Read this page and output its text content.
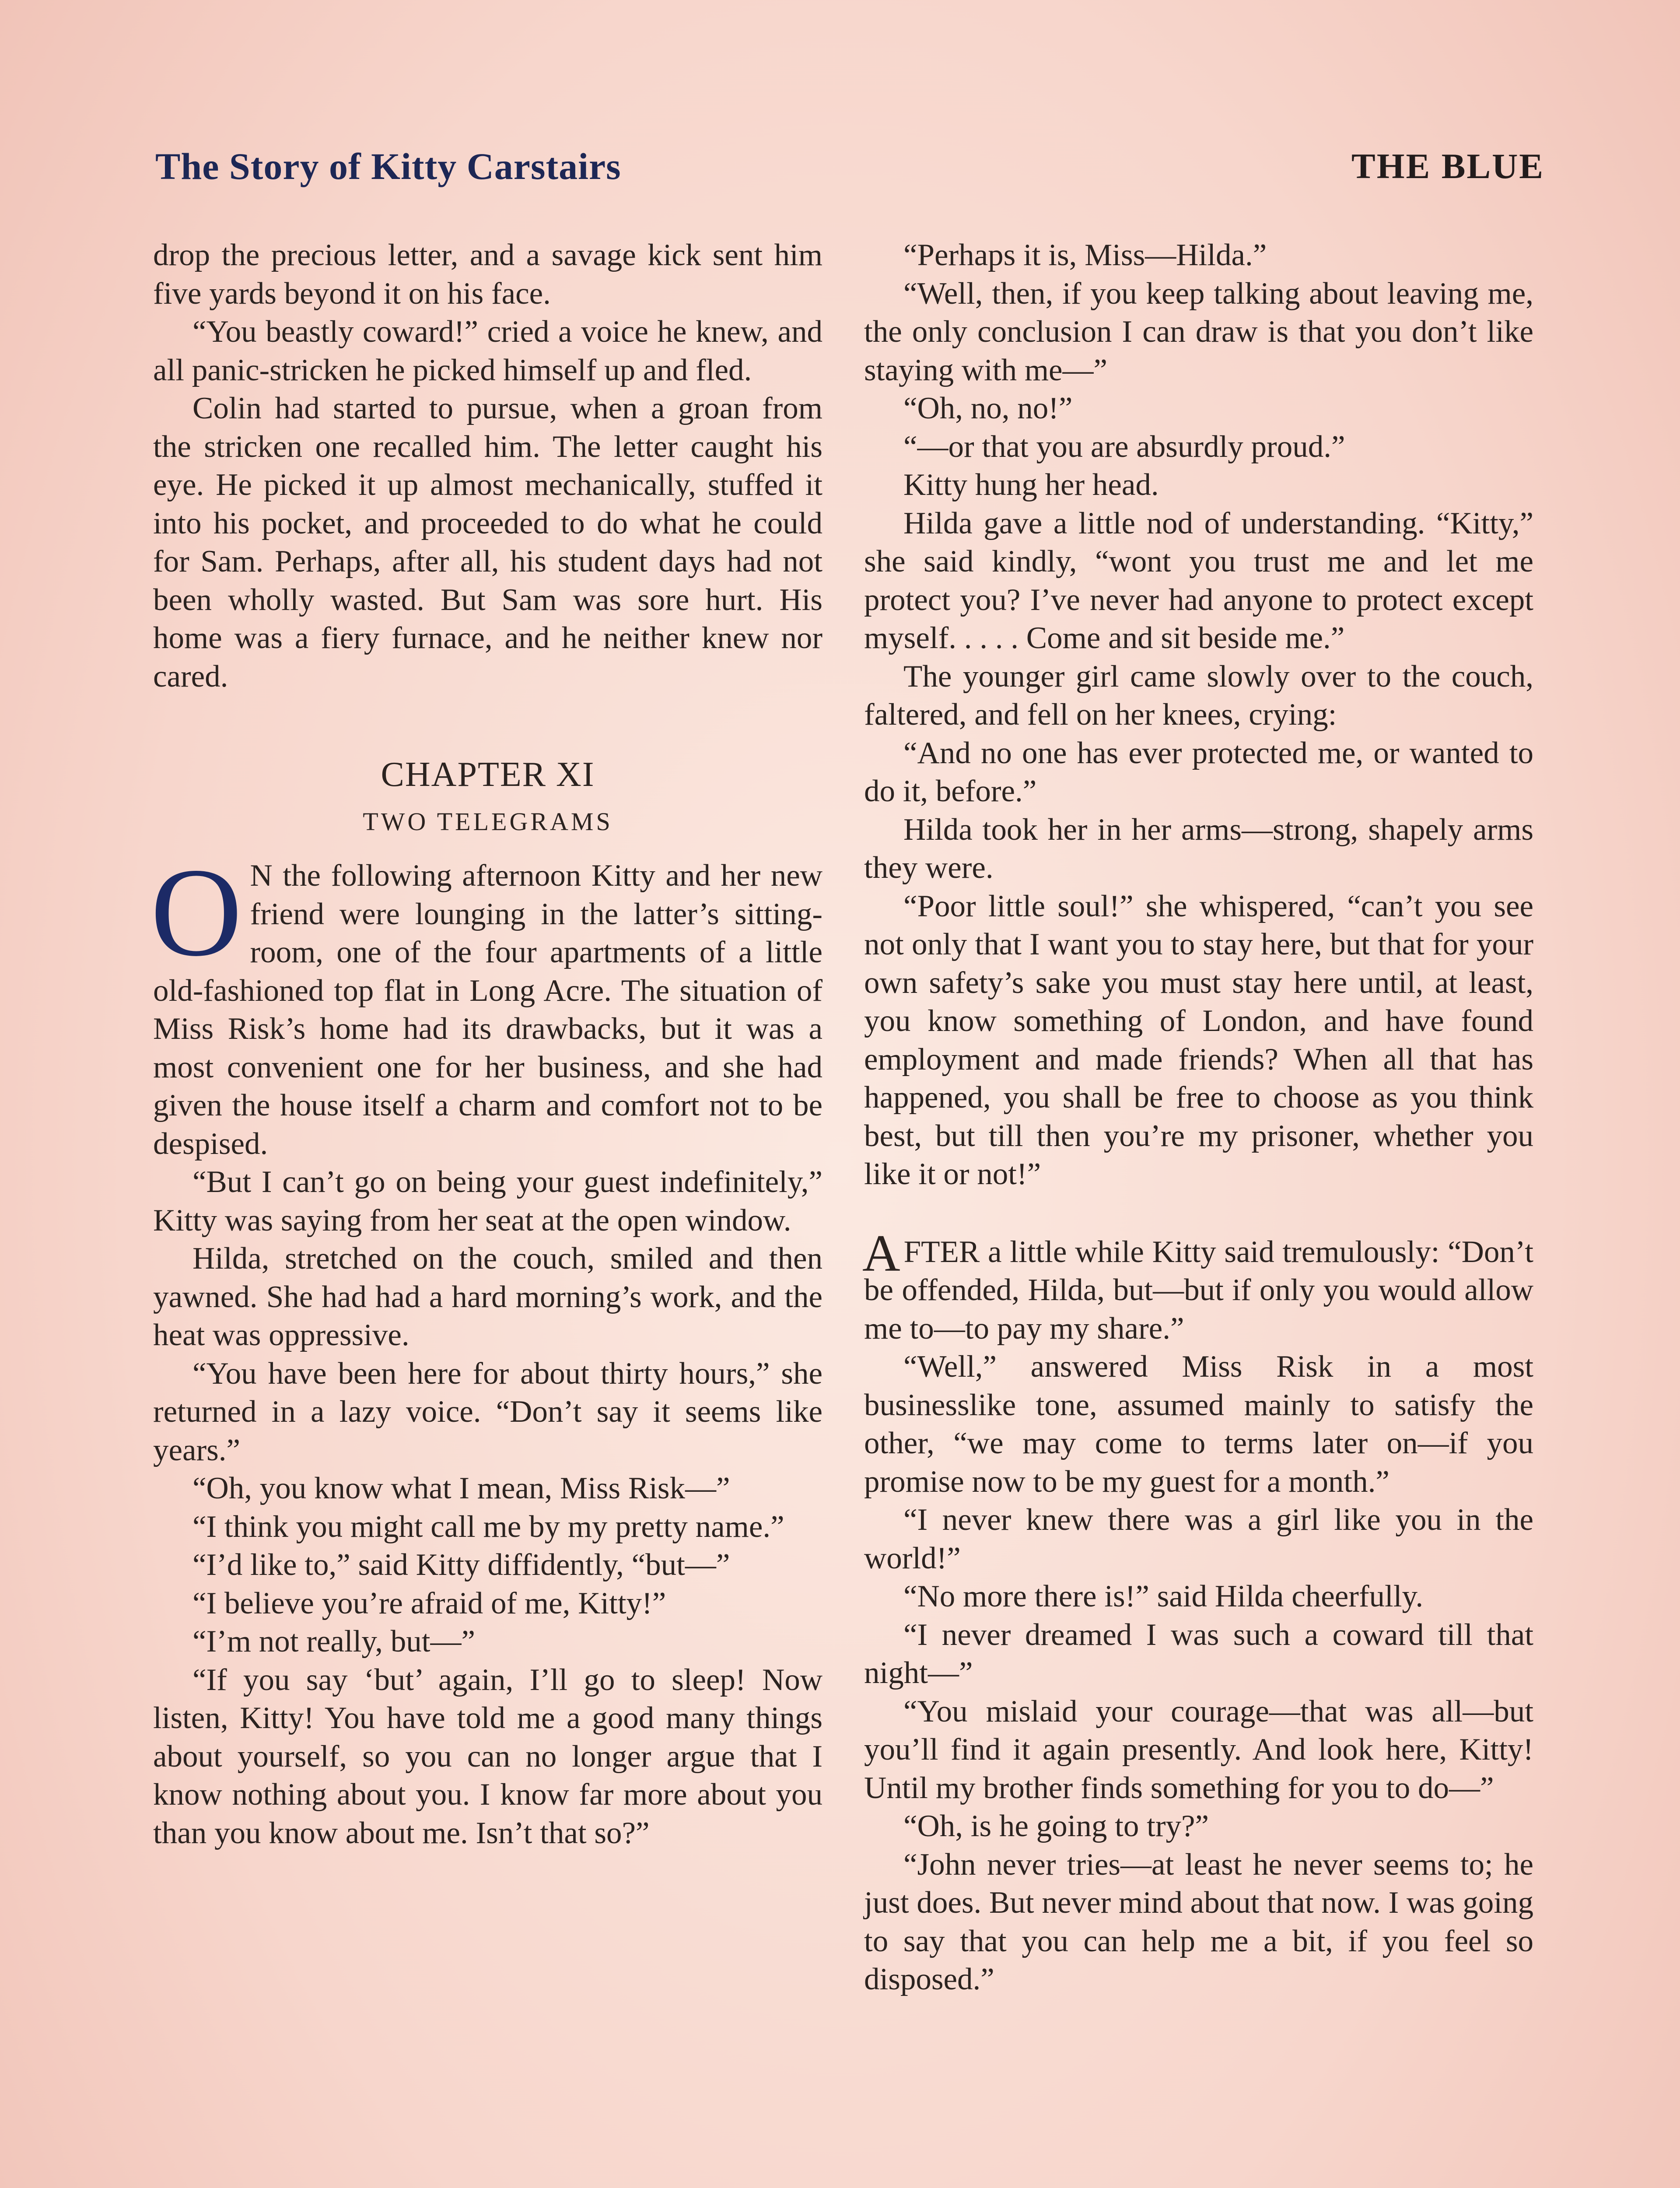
The Story of Kitty Carstairs	THE BLUE

drop the precious letter, and a savage kick sent him five yards beyond it on his face.

“You beastly coward!” cried a voice he knew, and all panic-stricken he picked himself up and fled.

Colin had started to pursue, when a groan from the stricken one recalled him. The letter caught his eye. He picked it up almost mechanically, stuffed it into his pocket, and proceeded to do what he could for Sam. Perhaps, after all, his student days had not been wholly wasted. But Sam was sore hurt. His home was a fiery furnace, and he neither knew nor cared.

CHAPTER XI
TWO TELEGRAMS

O N the following afternoon Kitty and her new friend were lounging in the latter’s sitting-room, one of the four apartments of a little old-fashioned top flat in Long Acre. The situation of Miss Risk’s home had its drawbacks, but it was a most convenient one for her business, and she had given the house itself a charm and comfort not to be despised.

“But I can’t go on being your guest indefinitely,” Kitty was saying from her seat at the open window.

Hilda, stretched on the couch, smiled and then yawned. She had had a hard morning’s work, and the heat was oppressive.

“You have been here for about thirty hours,” she returned in a lazy voice. “Don’t say it seems like years.”

“Oh, you know what I mean, Miss Risk—”

“I think you might call me by my pretty name.”

“I’d like to,” said Kitty diffidently, “but—”

“I believe you’re afraid of me, Kitty!”

“I’m not really, but—”

“If you say ‘but’ again, I’ll go to sleep! Now listen, Kitty! You have told me a good many things about yourself, so you can no longer argue that I know nothing about you. I know far more about you than you know about me. Isn’t that so?”

“Perhaps it is, Miss—Hilda.”

“Well, then, if you keep talking about leaving me, the only conclusion I can draw is that you don’t like staying with me—”

“Oh, no, no!”

“—or that you are absurdly proud.”

Kitty hung her head.

Hilda gave a little nod of understanding. “Kitty,” she said kindly, “wont you trust me and let me protect you? I’ve never had anyone to protect except myself. . . . . Come and sit beside me.”

The younger girl came slowly over to the couch, faltered, and fell on her knees, crying:

“And no one has ever protected me, or wanted to do it, before.”

Hilda took her in her arms—strong, shapely arms they were.

“Poor little soul!” she whispered, “can’t you see not only that I want you to stay here, but that for your own safety’s sake you must stay here until, at least, you know something of London, and have found employment and made friends? When all that has happened, you shall be free to choose as you think best, but till then you’re my prisoner, whether you like it or not!”

AFTER a little while Kitty said tremulously: “Don’t be offended, Hilda, but—but if only you would allow me to—to pay my share.”

“Well,” answered Miss Risk in a most businesslike tone, assumed mainly to satisfy the other, “we may come to terms later on—if you promise now to be my guest for a month.”

“I never knew there was a girl like you in the world!”

“No more there is!” said Hilda cheerfully.

“I never dreamed I was such a coward till that night—”

“You mislaid your courage—that was all—but you’ll find it again presently. And look here, Kitty! Until my brother finds something for you to do—”

“Oh, is he going to try?”

“John never tries—at least he never seems to; he just does. But never mind about that now. I was going to say that you can help me a bit, if you feel so disposed.”
